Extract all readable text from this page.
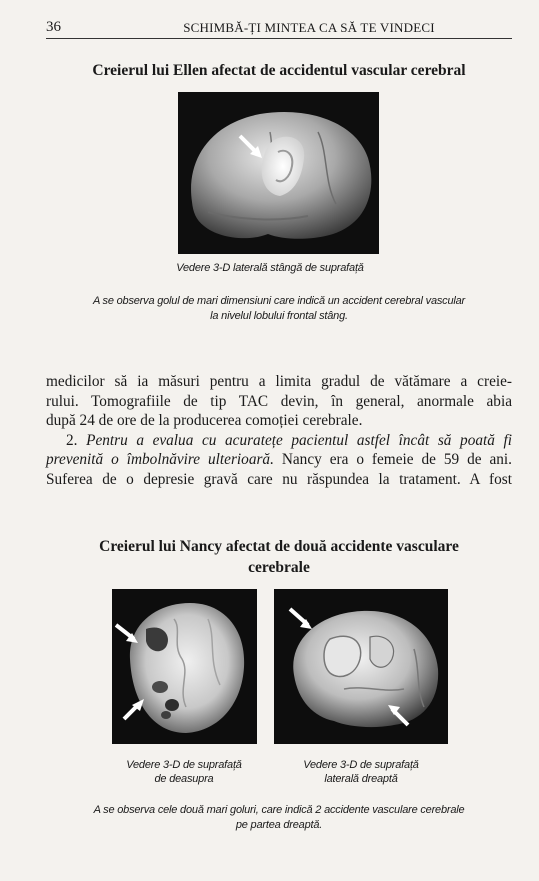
36	SCHIMBĂ-ȚI MINTEA CA SĂ TE VINDECI
Creierul lui Ellen afectat de accidentul vascular cerebral
Vedere 3-D laterală stângă de suprafață
A se observa golul de mari dimensiuni care indică un accident cerebral vascular
la nivelul lobului frontal stâng.

medicilor să ia măsuri pentru a limita gradul de vătămare a creie-

rului. Tomografiile de tip TAC devin, în general, anormale abia

după 24 de ore de la producerea comoției cerebrale.

2. Pentru a evalua cu acuratețe pacientul astfel încât să poată fi

prevenită o îmbolnăvire ulterioară. Nancy era o femeie de 59 de ani.

Suferea de o depresie gravă care nu răspundea la tratament. A fost

Creierul lui Nancy afectat de două accidente vasculare
cerebrale
Vedere 3-D de suprafață
de deasupra
Vedere 3-D de suprafață
laterală dreaptă
A se observa cele două mari goluri, care indică 2 accidente vasculare cerebrale
pe partea dreaptă.
